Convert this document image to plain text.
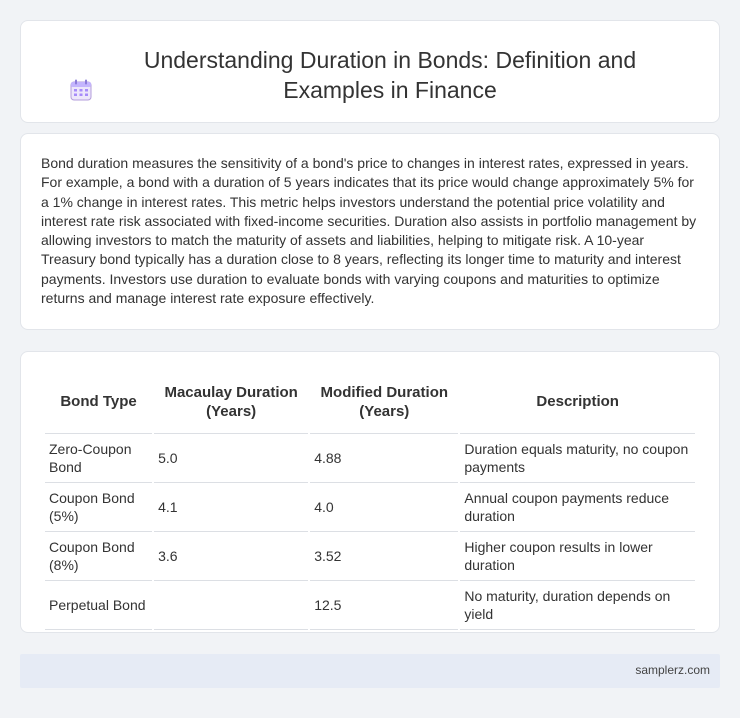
Understanding Duration in Bonds: Definition and Examples in Finance

Bond duration measures the sensitivity of a bond's price to changes in interest rates, expressed in years. For example, a bond with a duration of 5 years indicates that its price would change approximately 5% for a 1% change in interest rates. This metric helps investors understand the potential price volatility and interest rate risk associated with fixed-income securities. Duration also assists in portfolio management by allowing investors to match the maturity of assets and liabilities, helping to mitigate risk. A 10-year Treasury bond typically has a duration close to 8 years, reflecting its longer time to maturity and interest payments. Investors use duration to evaluate bonds with varying coupons and maturities to optimize returns and manage interest rate exposure effectively.

Bond Type	Macaulay Duration (Years)	Modified Duration (Years)	Description
Zero-Coupon Bond	5.0	4.88	Duration equals maturity, no coupon payments
Coupon Bond (5%)	4.1	4.0	Annual coupon payments reduce duration
Coupon Bond (8%)	3.6	3.52	Higher coupon results in lower duration
Perpetual Bond		12.5	No maturity, duration depends on yield
samplerz.com
